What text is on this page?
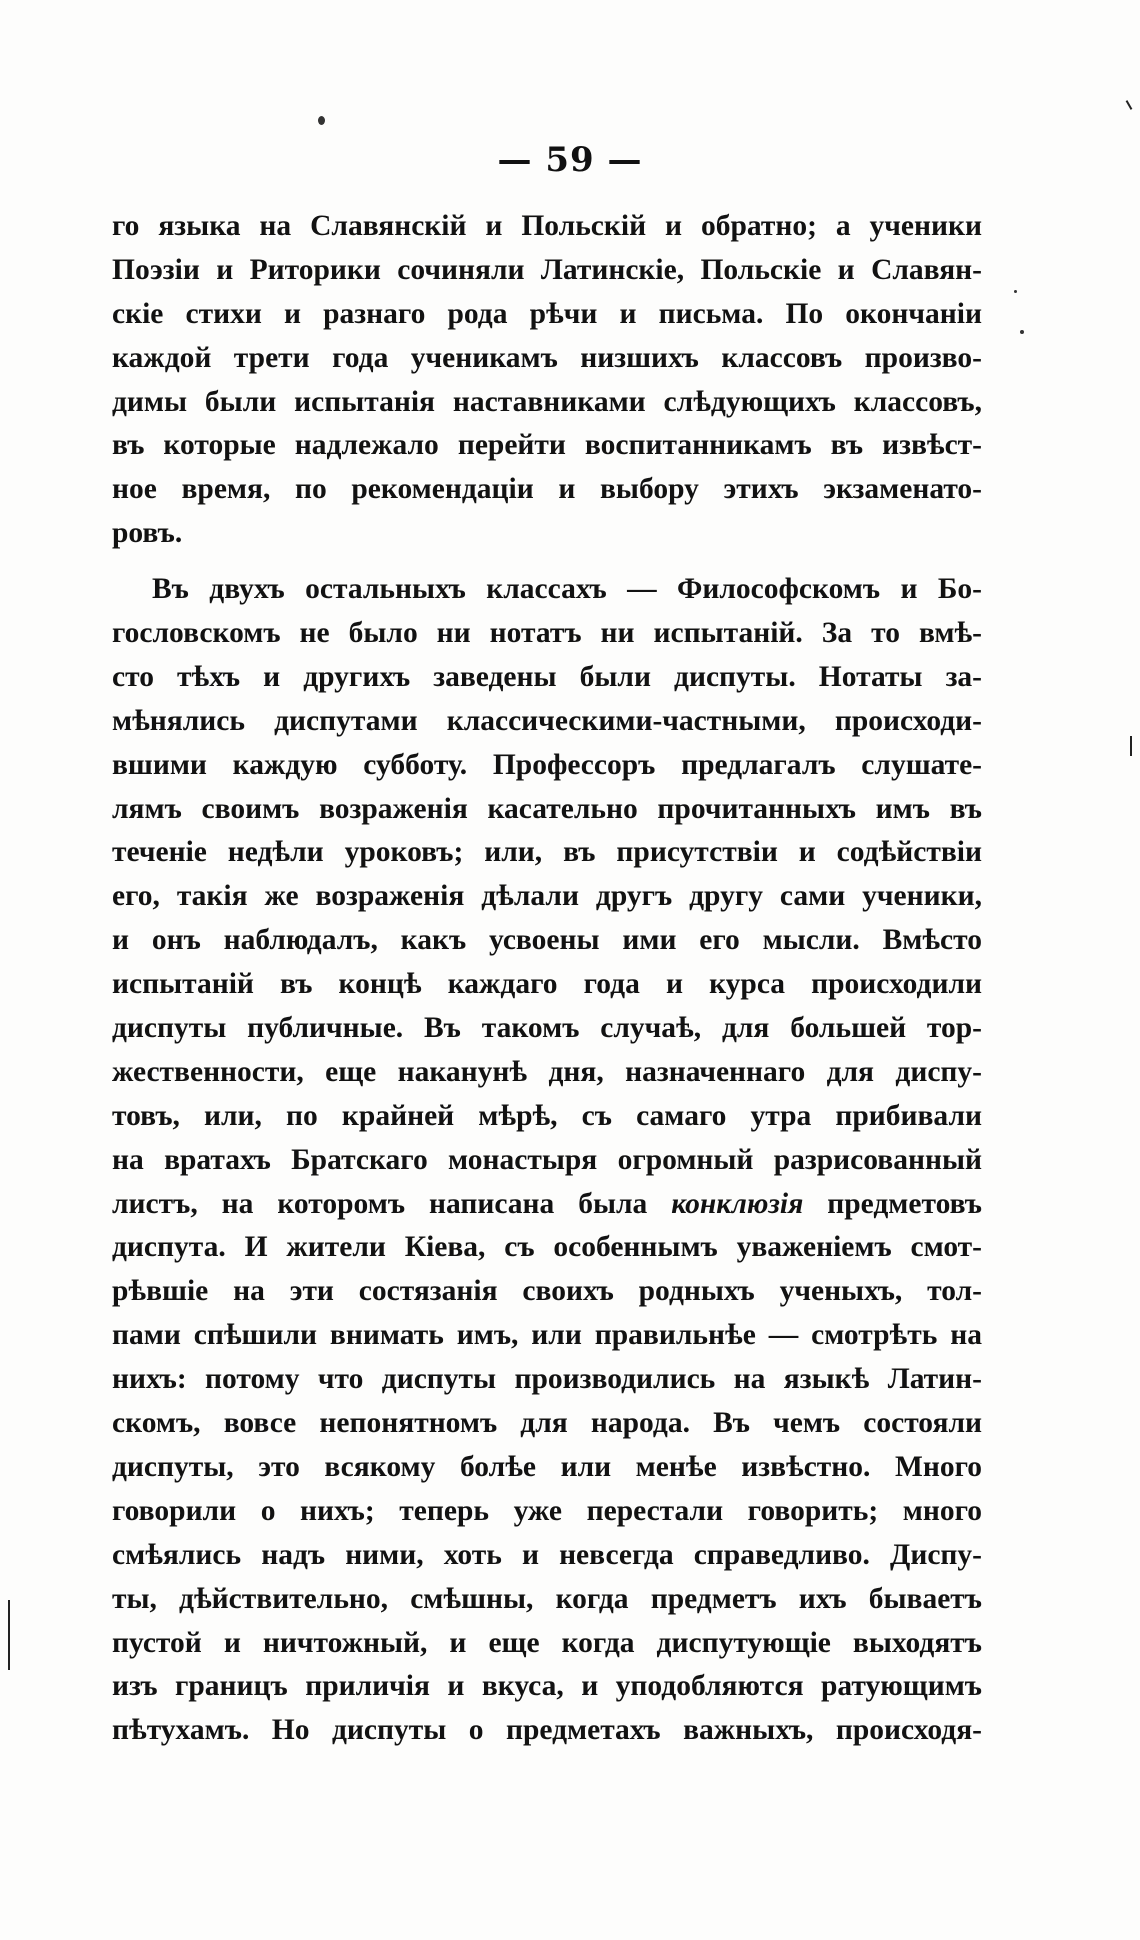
— 59 —
го языка на Славянскій и Польскій и обратно; а ученики
Поэзіи и Риторики сочиняли Латинскіе, Польскіе и Славян-
скіе стихи и разнаго рода рѣчи и письма. По окончаніи
каждой трети года ученикамъ низшихъ классовъ произво-
димы были испытанія наставниками слѣдующихъ классовъ,
въ которые надлежало перейти воспитанникамъ въ извѣст-
ное время, по рекомендаціи и выбору этихъ экзаменато-
ровъ.
Въ двухъ остальныхъ классахъ — Философскомъ и Бо-
гословскомъ не было ни нотатъ ни испытаній. За то вмѣ-
сто тѣхъ и другихъ заведены были диспуты. Нотаты за-
мѣнялись диспутами классическими-частными, происходи-
вшими каждую субботу. Профессоръ предлагалъ слушате-
лямъ своимъ возраженія касательно прочитанныхъ имъ въ
теченіе недѣли уроковъ; или, въ присутствіи и содѣйствіи
его, такія же возраженія дѣлали другъ другу сами ученики,
и онъ наблюдалъ, какъ усвоены ими его мысли. Вмѣсто
испытаній въ концѣ каждаго года и курса происходили
диспуты публичные. Въ такомъ случаѣ, для большей тор-
жественности, еще наканунѣ дня, назначеннаго для диспу-
товъ, или, по крайней мѣрѣ, съ самаго утра прибивали
на вратахъ Братскаго монастыря огромный разрисованный
листъ, на которомъ написана была конклюзія предметовъ
диспута. И жители Кіева, съ особеннымъ уваженіемъ смот-
рѣвшіе на эти состязанія своихъ родныхъ ученыхъ, тол-
пами спѣшили внимать имъ, или правильнѣе — смотрѣть на
нихъ: потому что диспуты производились на языкѣ Латин-
скомъ, вовсе непонятномъ для народа. Въ чемъ состояли
диспуты, это всякому болѣе или менѣе извѣстно. Много
говорили о нихъ; теперь уже перестали говорить; много
смѣялись надъ ними, хоть и невсегда справедливо. Диспу-
ты, дѣйствительно, смѣшны, когда предметъ ихъ бываетъ
пустой и ничтожный, и еще когда диспутующіе выходятъ
изъ границъ приличія и вкуса, и уподобляются ратующимъ
пѣтухамъ. Но диспуты о предметахъ важныхъ, происходя-
